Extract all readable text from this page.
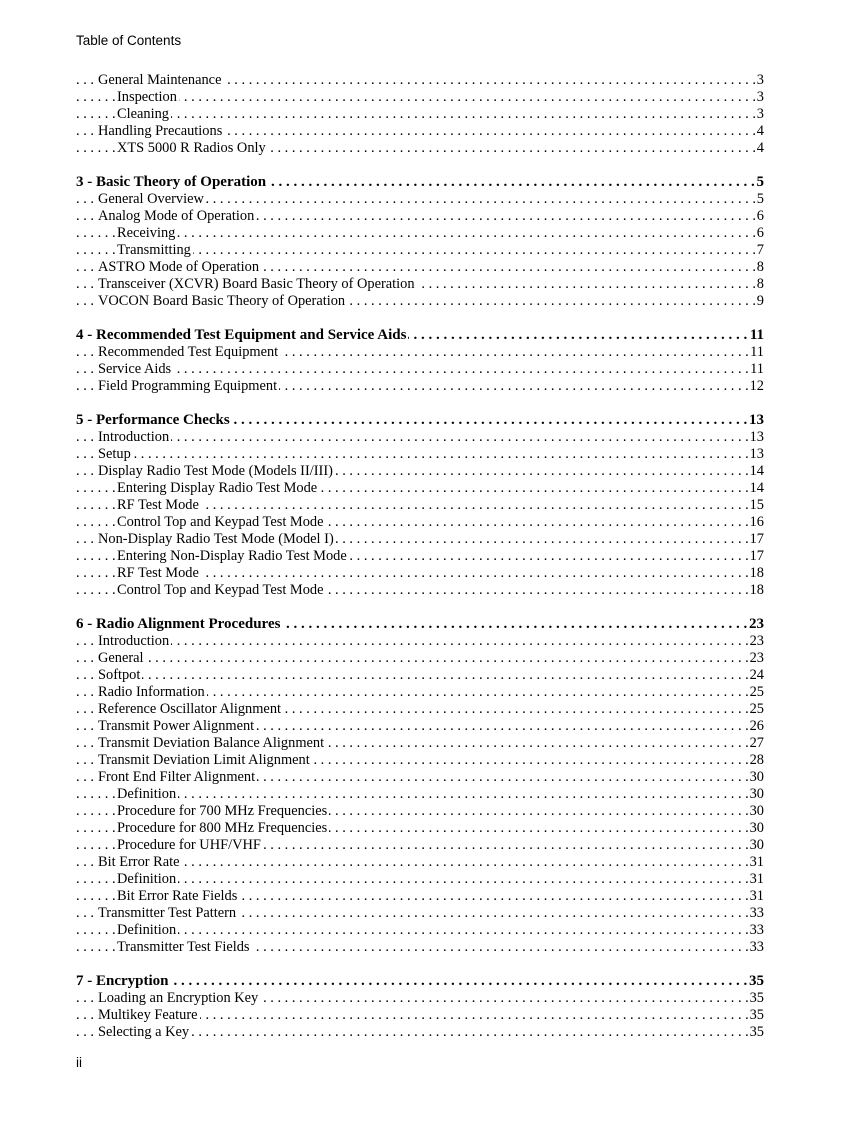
Table of Contents
. . .
General Maintenance	3
. . .
Inspection	3
. . .
Cleaning	3
. . .
Handling Precautions	4
. . .
XTS 5000 R Radios Only	4
. . .
3 - Basic Theory of Operation	5
. . .
General Overview	5
. . .
Analog Mode of Operation	6
. . .
Receiving	6
. . .
Transmitting	7
. . .
ASTRO Mode of Operation	8
. . .
Transceiver (XCVR) Board Basic Theory of Operation	8
. . .
VOCON Board Basic Theory of Operation	9
. . .
4 - Recommended Test Equipment and Service Aids	11
. . .
Recommended Test Equipment	11
. . .
Service Aids	11
. . .
Field Programming Equipment	12
. . .
5 - Performance Checks	13
. . .
Introduction	13
. . .
Setup	13
. . .
Display Radio Test Mode (Models II/III)	14
. . .
Entering Display Radio Test Mode	14
. . .
RF Test Mode	15
. . .
Control Top and Keypad Test Mode	16
. . .
Non-Display Radio Test Mode (Model I)	17
. . .
Entering Non-Display Radio Test Mode	17
. . .
RF Test Mode	18
. . .
Control Top and Keypad Test Mode	18
. . .
6 - Radio Alignment Procedures	23
. . .
Introduction	23
. . .
General	23
. . .
Softpot	24
. . .
Radio Information	25
. . .
Reference Oscillator Alignment	25
. . .
Transmit Power Alignment	26
. . .
Transmit Deviation Balance Alignment	27
. . .
Transmit Deviation Limit Alignment	28
. . .
Front End Filter Alignment	30
. . .
Definition	30
. . .
Procedure for 700 MHz Frequencies	30
. . .
Procedure for 800 MHz Frequencies	30
. . .
Procedure for UHF/VHF	30
. . .
Bit Error Rate	31
. . .
Definition	31
. . .
Bit Error Rate Fields	31
. . .
Transmitter Test Pattern	33
. . .
Definition	33
. . .
Transmitter Test Fields	33
. . .
7 - Encryption	35
. . .
Loading an Encryption Key	35
. . .
Multikey Feature	35
. . .
Selecting a Key	35
ii
